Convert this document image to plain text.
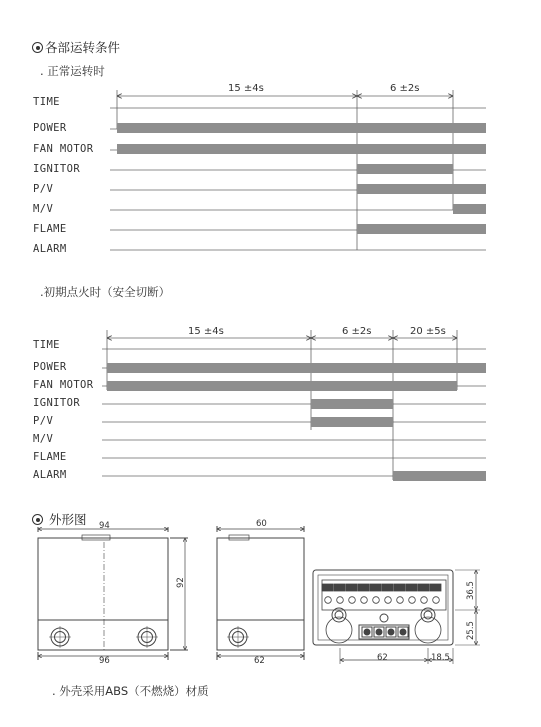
各部运转条件
. 正常运转时
TIME
15 ±4s	6 ±2s
POWER
FAN MOTOR
IGNITOR
P/V
M/V
FLAME
ALARM
.初期点火时（安全切断）
TIME
15 ±4s	6 ±2s	20 ±5s
POWER
FAN MOTOR
IGNITOR
P/V
M/V
FLAME
ALARM
外形图 94
96
92
60
62	62	18.5
36.5
25.5
. 外壳采用ABS（不燃烧）材质
